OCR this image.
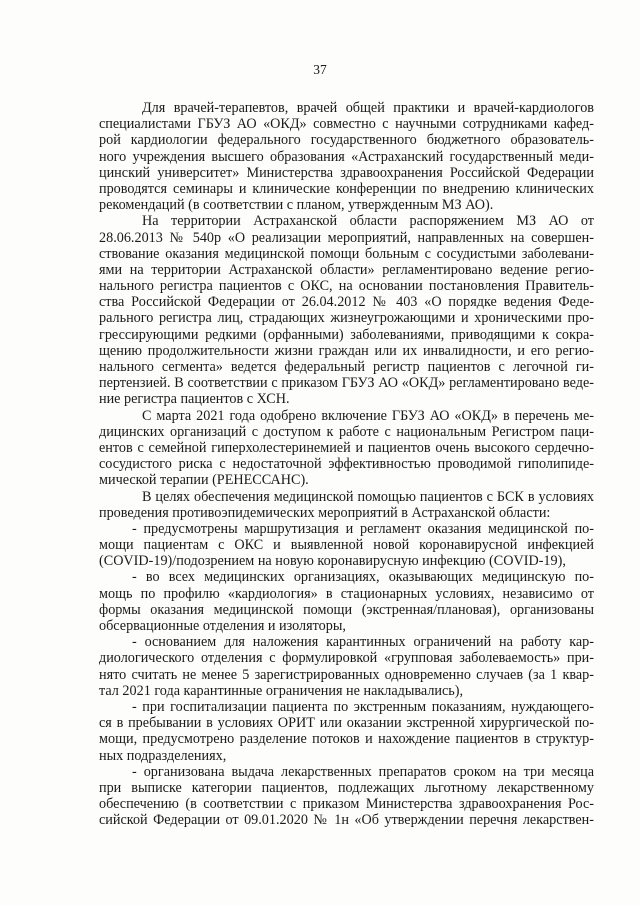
37
Для врачей-терапевтов, врачей общей практики и врачей-кардиологов
специалистами ГБУЗ АО «ОКД» совместно с научными сотрудниками кафед-
рой кардиологии федерального государственного бюджетного образователь-
ного учреждения высшего образования «Астраханский государственный меди-
цинский университет» Министерства здравоохранения Российской Федерации
проводятся семинары и клинические конференции по внедрению клинических
рекомендаций (в соответствии с планом, утвержденным МЗ АО).
На территории Астраханской области распоряжением МЗ АО от
28.06.2013 № 540р «О реализации мероприятий, направленных на совершен-
ствование оказания медицинской помощи больным с сосудистыми заболевани-
ями на территории Астраханской области» регламентировано ведение регио-
нального регистра пациентов с ОКС, на основании постановления Правитель-
ства Российской Федерации от 26.04.2012 № 403 «О порядке ведения Феде-
рального регистра лиц, страдающих жизнеугрожающими и хроническими про-
грессирующими редкими (орфанными) заболеваниями, приводящими к сокра-
щению продолжительности жизни граждан или их инвалидности, и его регио-
нального сегмента» ведется федеральный регистр пациентов с легочной ги-
пертензией. В соответствии с приказом ГБУЗ АО «ОКД» регламентировано веде-
ние регистра пациентов с ХСН.
С марта 2021 года одобрено включение ГБУЗ АО «ОКД» в перечень ме-
дицинских организаций с доступом к работе с национальным Регистром паци-
ентов с семейной гиперхолестеринемией и пациентов очень высокого сердечно-
сосудистого риска с недостаточной эффективностью проводимой гиполипиде-
мической терапии (РЕНЕССАНС).
В целях обеспечения медицинской помощью пациентов с БСК в условиях
проведения противоэпидемических мероприятий в Астраханской области:
- предусмотрены маршрутизация и регламент оказания медицинской по-
мощи пациентам с ОКС и выявленной новой коронавирусной инфекцией
(COVID-19)/подозрением на новую коронавирусную инфекцию (COVID-19),
- во всех медицинских организациях, оказывающих медицинскую по-
мощь по профилю «кардиология» в стационарных условиях, независимо от
формы оказания медицинской помощи (экстренная/плановая), организованы
обсервационные отделения и изоляторы,
- основанием для наложения карантинных ограничений на работу кар-
диологического отделения с формулировкой «групповая заболеваемость» при-
нято считать не менее 5 зарегистрированных одновременно случаев (за 1 квар-
тал 2021 года карантинные ограничения не накладывались),
- при госпитализации пациента по экстренным показаниям, нуждающего-
ся в пребывании в условиях ОРИТ или оказании экстренной хирургической по-
мощи, предусмотрено разделение потоков и нахождение пациентов в структур-
ных подразделениях,
- организована выдача лекарственных препаратов сроком на три месяца
при выписке категории пациентов, подлежащих льготному лекарственному
обеспечению (в соответствии с приказом Министерства здравоохранения Рос-
сийской Федерации от 09.01.2020 № 1н «Об утверждении перечня лекарствен-
